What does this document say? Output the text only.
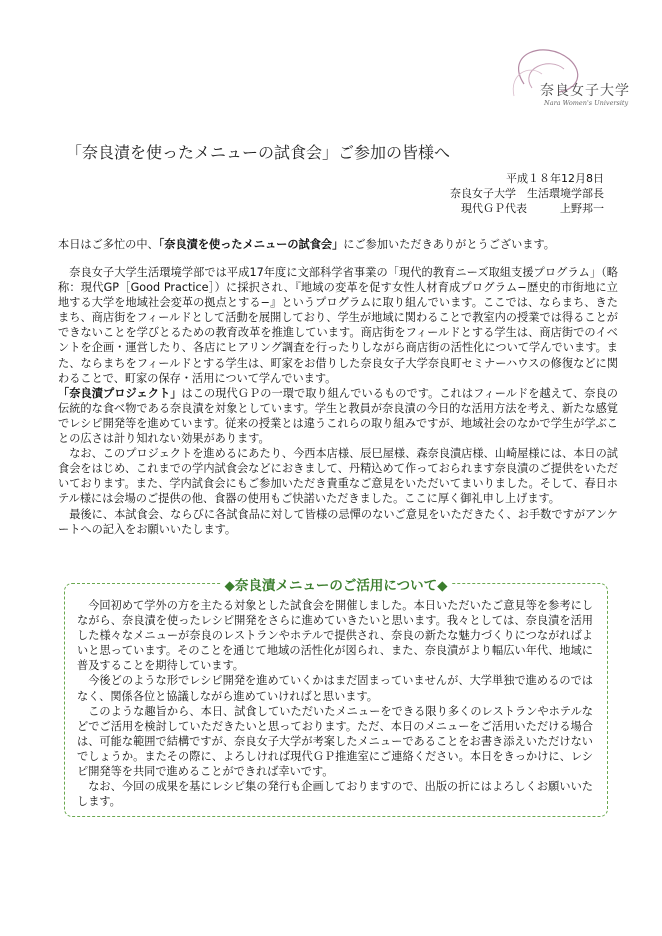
奈良女子大学
Nara Women's University
「奈良漬を使ったメニューの試食会」ご参加の皆様へ
平成１８年12月8日
奈良女子大学　生活環境学部長
現代ＧＰ代表　　　上野邦一
本日はご多忙の中、「奈良漬を使ったメニューの試食会」にご参加いただきありがとうございます。

奈良女子大学生活環境学部では平成17年度に文部科学省事業の「現代的教育ニーズ取組支援プログラム」（略称：現代GP［Good Practice］）に採択され、『地域の変革を促す女性人材育成プログラム−歴史的市街地に立地する大学を地域社会変革の拠点とする−』というプログラムに取り組んでいます。ここでは、ならまち、きたまち、商店街をフィールドとして活動を展開しており、学生が地域に関わることで教室内の授業では得ることができないことを学びとるための教育改革を推進しています。商店街をフィールドとする学生は、商店街でのイベントを企画・運営したり、各店にヒアリング調査を行ったりしながら商店街の活性化について学んでいます。また、ならまちをフィールドとする学生は、町家をお借りした奈良女子大学奈良町セミナーハウスの修復などに関わることで、町家の保存・活用について学んでいます。

「奈良漬プロジェクト」はこの現代ＧＰの一環で取り組んでいるものです。これはフィールドを越えて、奈良の伝統的な食べ物である奈良漬を対象としています。学生と教員が奈良漬の今日的な活用方法を考え、新たな感覚でレシピ開発等を進めています。従来の授業とは違うこれらの取り組みですが、地域社会のなかで学生が学ぶことの広さは計り知れない効果があります。

なお、このプロジェクトを進めるにあたり、今西本店様、辰巳屋様、森奈良漬店様、山崎屋様には、本日の試食会をはじめ、これまでの学内試食会などにおきまして、丹精込めて作っておられます奈良漬のご提供をいただいております。また、学内試食会にもご参加いただき貴重なご意見をいただいてまいりました。そして、春日ホテル様には会場のご提供の他、食器の使用もご快諾いただきました。ここに厚く御礼申し上げます。

最後に、本試食会、ならびに各試食品に対して皆様の忌憚のないご意見をいただきたく、お手数ですがアンケートへの記入をお願いいたします。

◆奈良漬メニューのご活用について◆

今回初めて学外の方を主たる対象とした試食会を開催しました。本日いただいたご意見等を参考にしながら、奈良漬を使ったレシピ開発をさらに進めていきたいと思います。我々としては、奈良漬を活用した様々なメニューが奈良のレストランやホテルで提供され、奈良の新たな魅力づくりにつながればよいと思っています。そのことを通じて地域の活性化が図られ、また、奈良漬がより幅広い年代、地域に普及することを期待しています。

今後どのような形でレシピ開発を進めていくかはまだ固まっていませんが、大学単独で進めるのではなく、関係各位と協議しながら進めていければと思います。

このような趣旨から、本日、試食していただいたメニューをできる限り多くのレストランやホテルなどでご活用を検討していただきたいと思っております。ただ、本日のメニューをご活用いただける場合は、可能な範囲で結構ですが、奈良女子大学が考案したメニューであることをお書き添えいただけないでしょうか。またその際に、よろしければ現代ＧＰ推進室にご連絡ください。本日をきっかけに、レシピ開発等を共同で進めることができれば幸いです。

なお、今回の成果を基にレシピ集の発行も企画しておりますので、出版の折にはよろしくお願いいたします。
